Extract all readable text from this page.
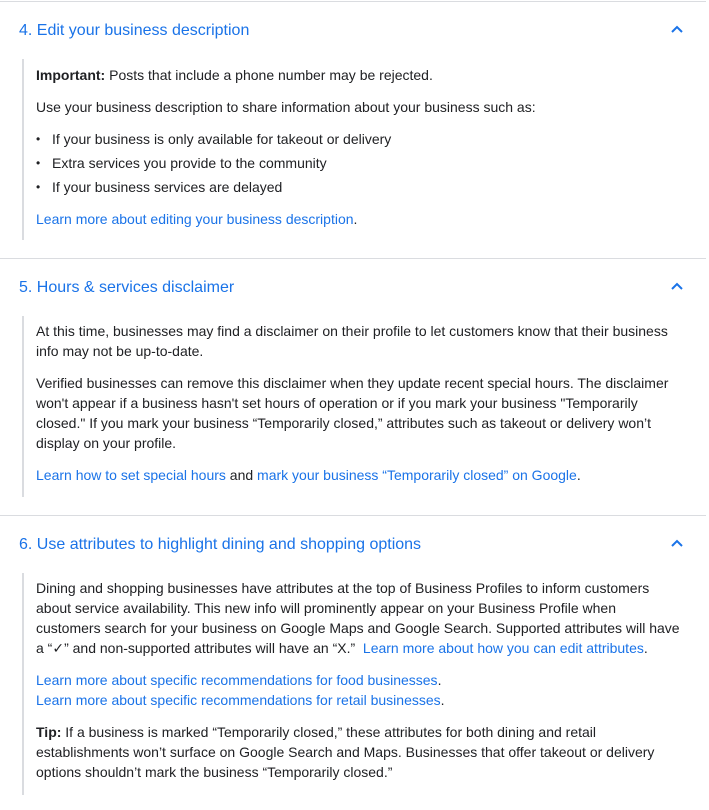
4. Edit your business description

Important: Posts that include a phone number may be rejected.

Use your business description to share information about your business such as:

• If your business is only available for takeout or delivery
• Extra services you provide to the community
• If your business services are delayed

Learn more about editing your business description.

5. Hours & services disclaimer

At this time, businesses may find a disclaimer on their profile to let customers know that their business
info may not be up-to-date.

Verified businesses can remove this disclaimer when they update recent special hours. The disclaimer
won't appear if a business hasn't set hours of operation or if you mark your business "Temporarily
closed." If you mark your business “Temporarily closed,” attributes such as takeout or delivery won’t
display on your profile.

Learn how to set special hours and mark your business “Temporarily closed” on Google.

6. Use attributes to highlight dining and shopping options

Dining and shopping businesses have attributes at the top of Business Profiles to inform customers
about service availability. This new info will prominently appear on your Business Profile when
customers search for your business on Google Maps and Google Search. Supported attributes will have
a “✓” and non-supported attributes will have an “X.”  Learn more about how you can edit attributes.

Learn more about specific recommendations for food businesses.
Learn more about specific recommendations for retail businesses.

Tip: If a business is marked “Temporarily closed,” these attributes for both dining and retail
establishments won’t surface on Google Search and Maps. Businesses that offer takeout or delivery
options shouldn’t mark the business “Temporarily closed.”
